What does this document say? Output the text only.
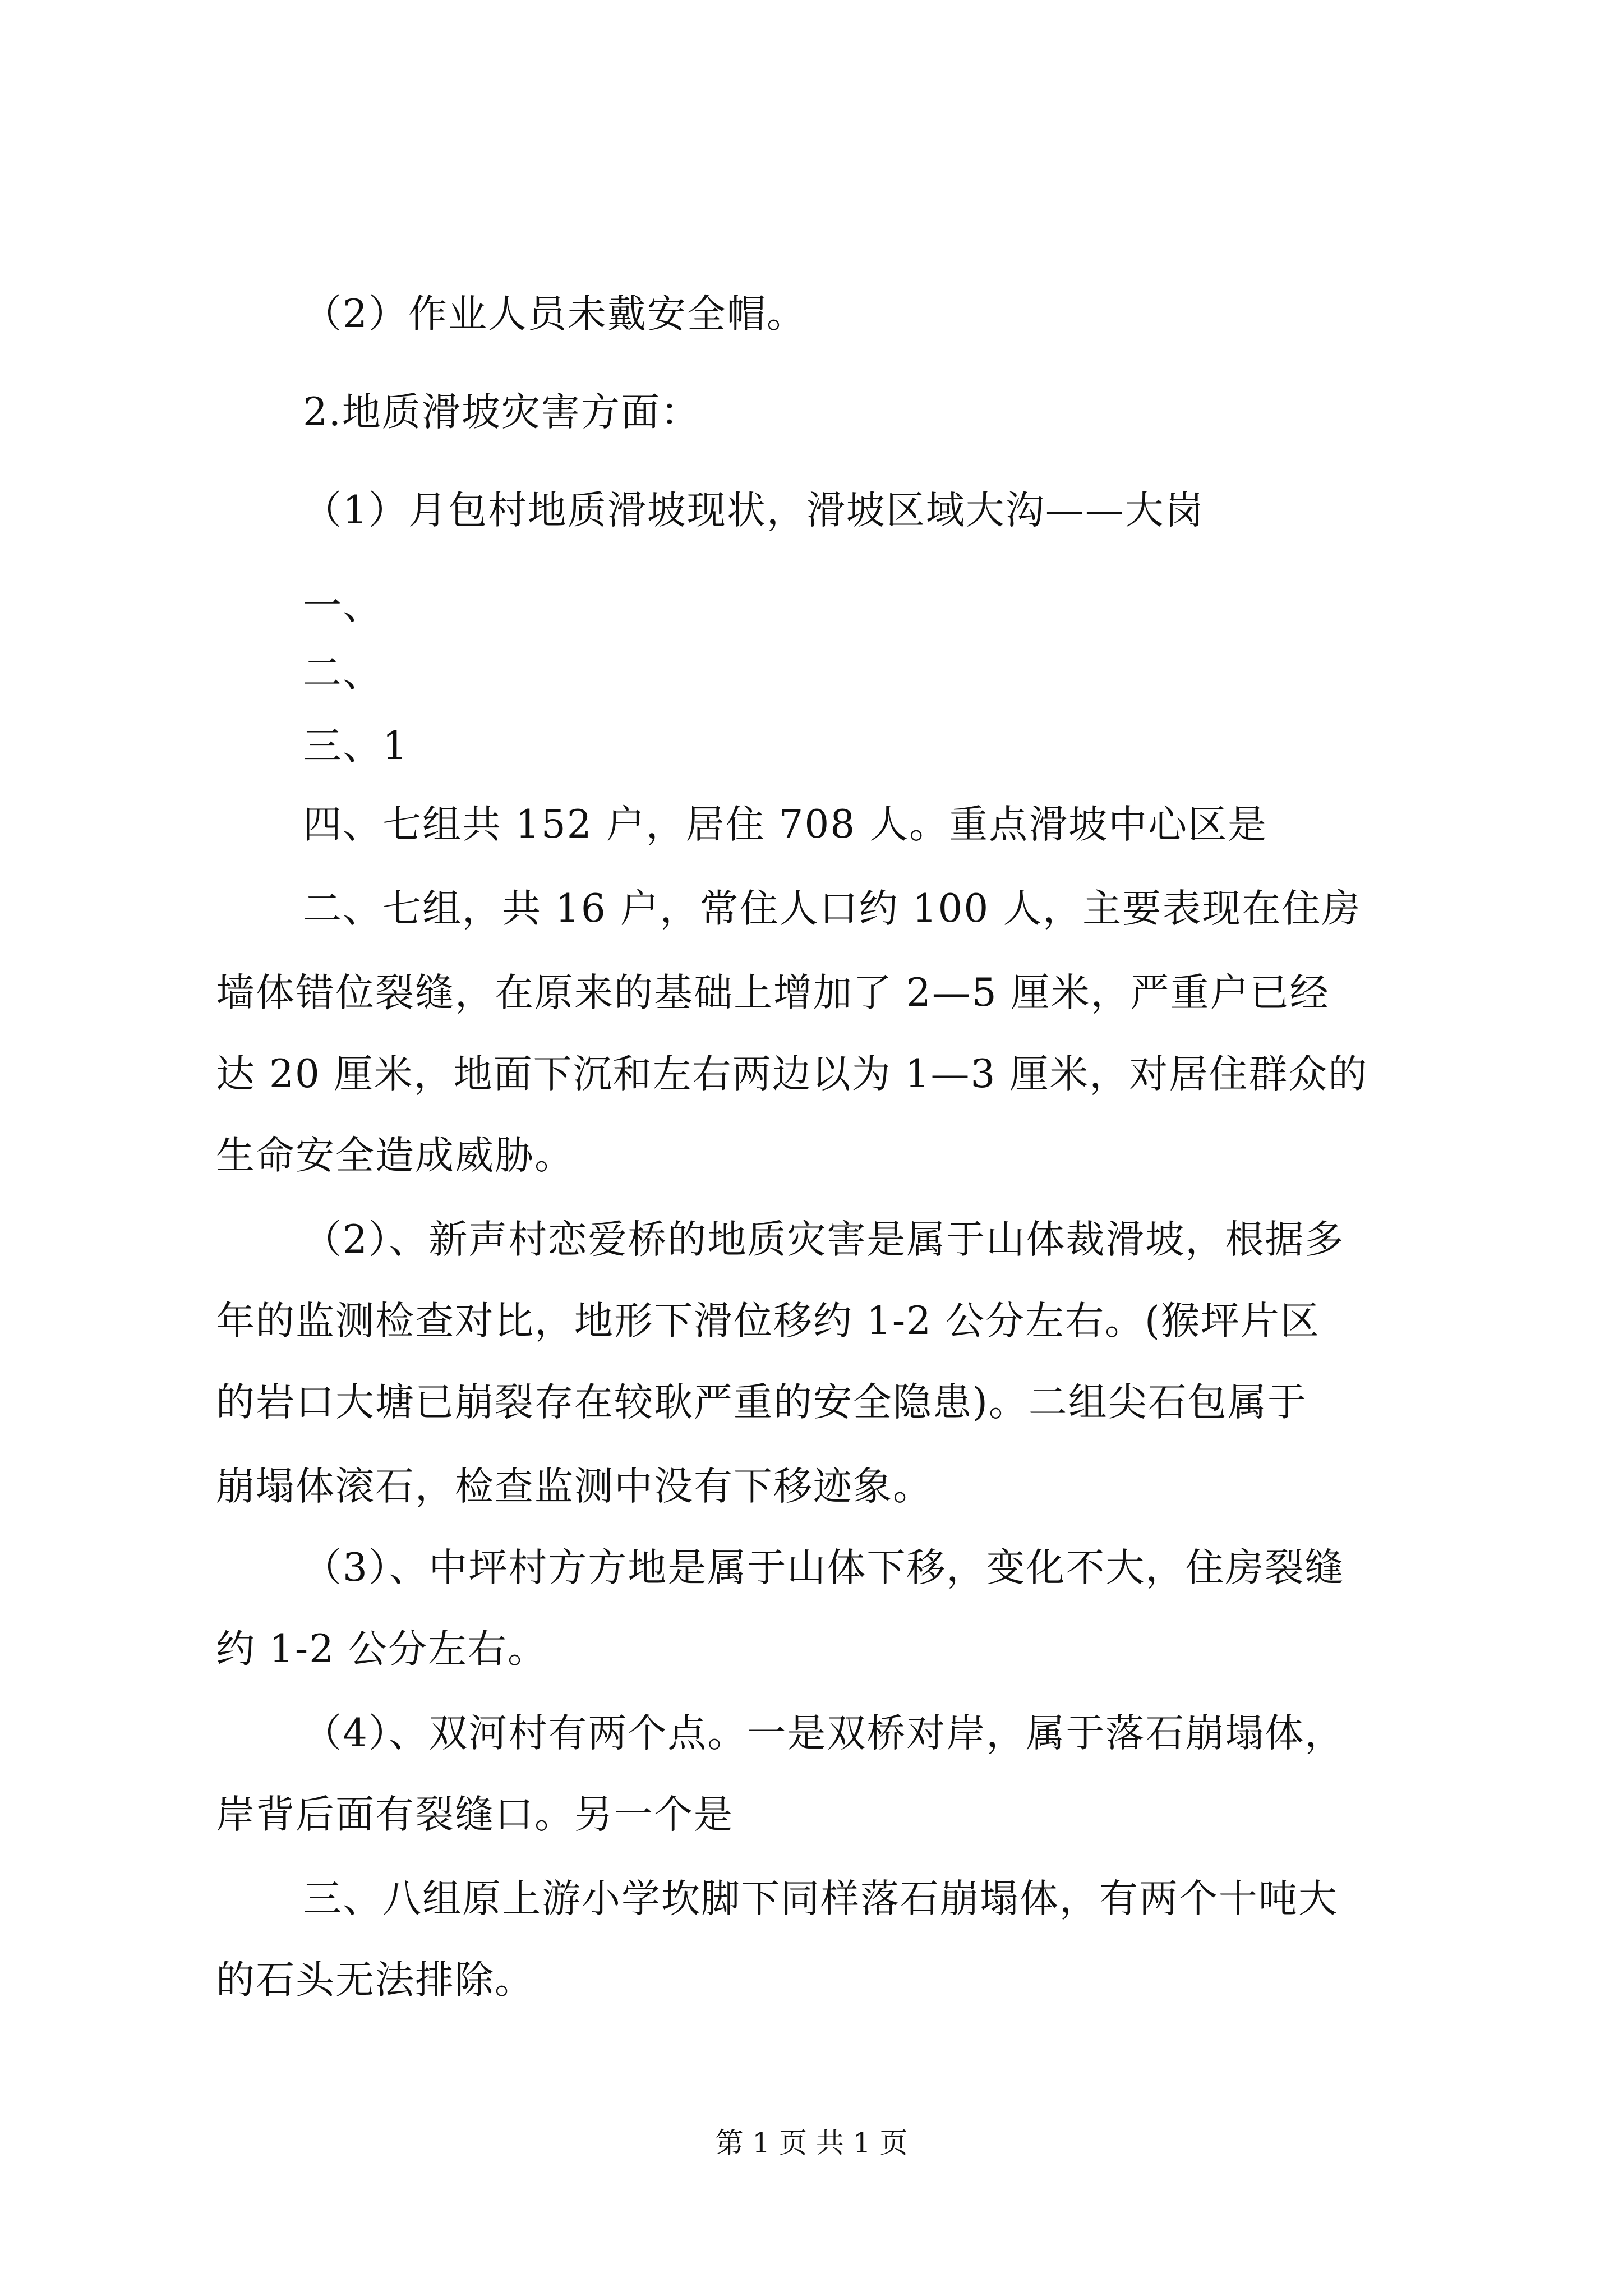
（2）作业人员未戴安全帽。
2.地质滑坡灾害方面：
（1）月包村地质滑坡现状，滑坡区域大沟——大岗
一、
二、
三、1
四、七组共 152 户，居住 708 人。重点滑坡中心区是
二、七组，共 16 户，常住人口约 100 人，主要表现在住房
墙体错位裂缝，在原来的基础上增加了 2—5 厘米，严重户已经
达 20 厘米，地面下沉和左右两边以为 1—3 厘米，对居住群众的
生命安全造成威胁。
（2）、新声村恋爱桥的地质灾害是属于山体裁滑坡，根据多
年的监测检查对比，地形下滑位移约 1-2 公分左右。(猴坪片区
的岩口大塘已崩裂存在较耿严重的安全隐患)。二组尖石包属于
崩塌体滚石，检查监测中没有下移迹象。
（3）、中坪村方方地是属于山体下移，变化不大，住房裂缝
约 1-2 公分左右。
（4）、双河村有两个点。一是双桥对岸，属于落石崩塌体，
岸背后面有裂缝口。另一个是
三、八组原上游小学坎脚下同样落石崩塌体，有两个十吨大
的石头无法排除。
第 1 页 共 1 页
